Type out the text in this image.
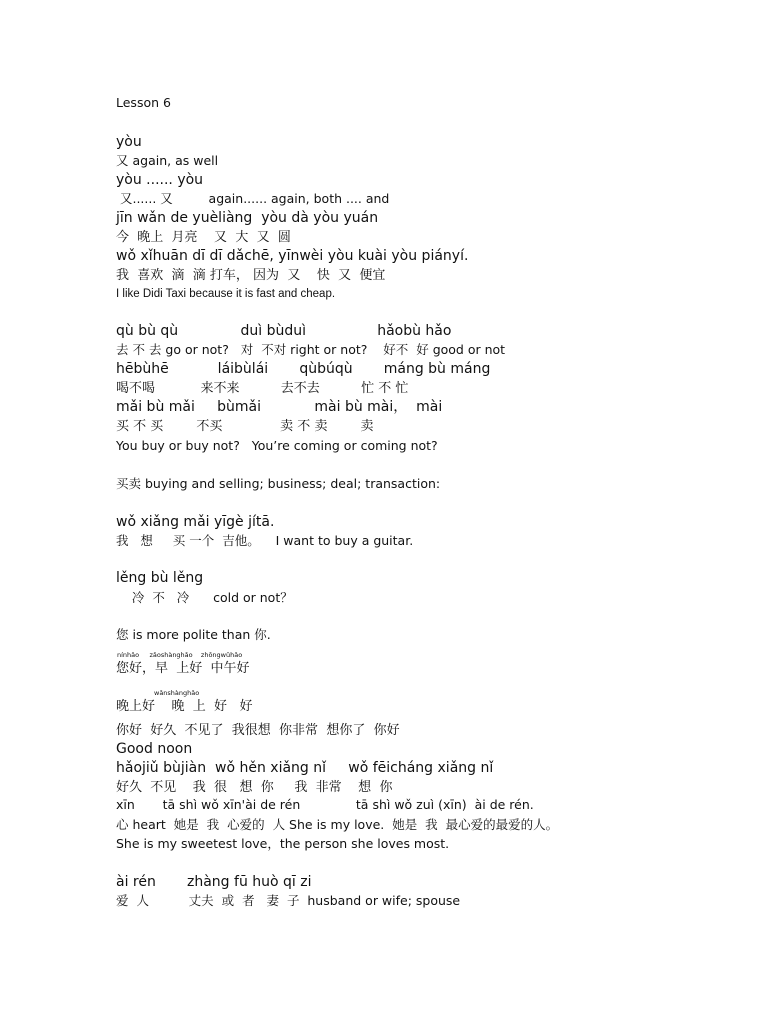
Lesson 6
yòu
又 again, as well
yòu ...... yòu
又...... 又         again...... again, both .... and
jīn wǎn de yuèliàng  yòu dà yòu yuán
今  晚上  月亮    又  大  又  圆
wǒ xǐhuān dī dī dǎchē, yīnwèi yòu kuài yòu piányí.
我  喜欢  滴  滴 打车， 因为  又    快  又  便宜
I like Didi Taxi because it is fast and cheap.
qù bù qù              duì bùduì                hǎobù hǎo
去 不 去 go or not?   对  不对 right or not?    好不  好 good or not
hēbùhē           láibùlái       qùbúqù       máng bù máng
喝不喝           来不来          去不去          忙 不 忙
mǎi bù mǎi     bùmǎi            mài bù mài，  mài
买 不 买        不买              卖 不 卖        卖
You buy or buy not?   You’re coming or coming not?
买卖 buying and selling; business; deal; transaction:
wǒ xiǎng mǎi yīgè jítā.
我   想     买 一个  吉他。    I want to buy a guitar.
lěng bù lěng
冷  不   冷      cold or not？
您 is more polite than 你.
nínhǎo     zǎoshànghǎo    zhōngwǔhǎo
您好，早  上好  中午好
wǎnshànghǎo
晚上好    晚  上  好   好
你好  好久  不见了  我很想  你非常  想你了  你好
Good noon
hǎojiǔ bùjiàn  wǒ hěn xiǎng nǐ     wǒ fēicháng xiǎng nǐ
好久  不见    我  很   想  你     我  非常    想  你
xīn       tā shì wǒ xīn'ài de rén              tā shì wǒ zuì (xīn)  ài de rén.
心 heart  她是  我  心爱的  人 She is my love.  她是  我  最心爱的最爱的人。
She is my sweetest love，the person she loves most.
ài rén       zhàng fū huò qī zi
爱  人          丈夫  或  者   妻  子  husband or wife; spouse
